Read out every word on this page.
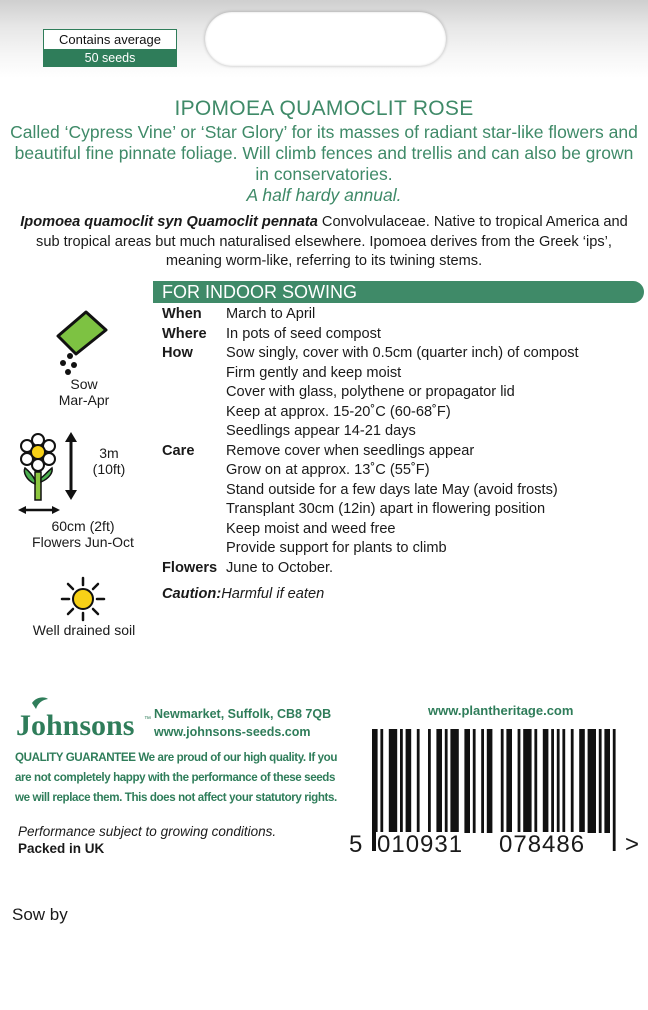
Contains average
50 seeds
IPOMOEA QUAMOCLIT ROSE
Called ‘Cypress Vine’ or ‘Star Glory’ for its masses of radiant star-like flowers and beautiful fine pinnate foliage. Will climb fences and trellis and can also be grown in conservatories.
A half hardy annual.
Ipomoea quamoclit syn Quamoclit pennata Convolvulaceae. Native to tropical America and sub tropical areas but much naturalised elsewhere. Ipomoea derives from the Greek ‘ips’, meaning worm-like, referring to its twining stems.
FOR INDOOR SOWING
When	March to April
Where	In pots of seed compost
How	Sow singly, cover with 0.5cm (quarter inch) of compost
Firm gently and keep moist
Cover with glass, polythene or propagator lid
Keep at approx. 15-20˚C (60-68˚F)
Seedlings appear 14-21 days
Care	Remove cover when seedlings appear
Grow on at approx. 13˚C (55˚F)
Stand outside for a few days late May (avoid frosts)
Transplant 30cm (12in) apart in flowering position
Keep moist and weed free
Provide support for plants to climb
Flowers June to October.
Caution:Harmful if eaten
Sow
Mar-Apr
3m
(10ft)
60cm (2ft)
Flowers Jun-Oct
Well drained soil
Johnsons ™ Newmarket, Suffolk, CB8 7QB
www.johnsons-seeds.com
www.plantheritage.com
QUALITY GUARANTEE We are proud of our high quality. If you are not completely happy with the performance of these seeds we will replace them. This does not affect your statutory rights.
Performance subject to growing conditions.
Packed in UK	5 010931 078486 >
Sow by
